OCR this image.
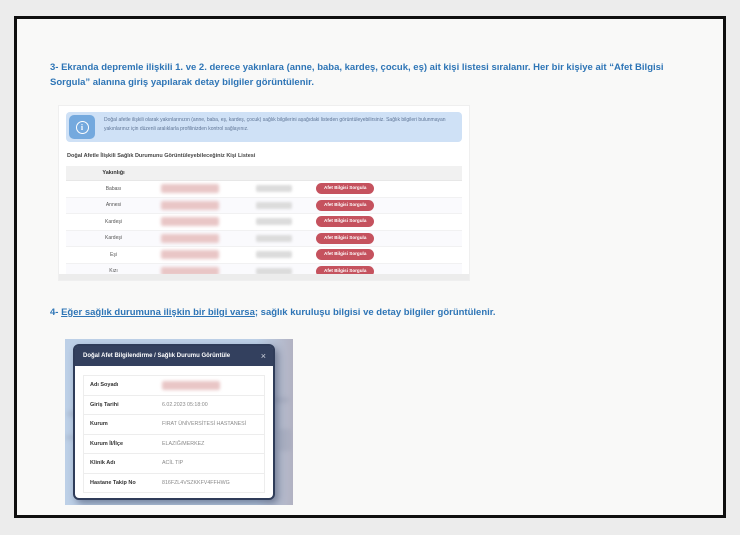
3- Ekranda depremle ilişkili 1. ve 2. derece yakınlara (anne, baba, kardeş, çocuk, eş) ait kişi listesi sıralanır. Her bir kişiye ait “Afet Bilgisi Sorgula” alanına giriş yapılarak detay bilgiler görüntülenir.
i
Doğal afetle ilişkili olarak yakınlarınızın (anne, baba, eş, kardeş, çocuk) sağlık bilgilerini aşağıdaki listeden görüntüleyebilirsiniz. Sağlık bilgileri bulunmayan yakınlarınız için düzenli aralıklarla profilinizden kontrol sağlayınız.
Doğal Afetle İlişkili Sağlık Durumunu Görüntüleyebileceğiniz Kişi Listesi
Yakınlığı
Babası	Afet Bilgisi Sorgula
Annesi	Afet Bilgisi Sorgula
Kardeşi	Afet Bilgisi Sorgula
Kardeşi	Afet Bilgisi Sorgula
Eşi	Afet Bilgisi Sorgula
Kızı	Afet Bilgisi Sorgula
4- Eğer sağlık durumuna ilişkin bir bilgi varsa; sağlık kuruluşu bilgisi ve detay bilgiler görüntülenir.
Doğal Afet Bilgilendirme / Sağlık Durumu Görüntüle	×
Adı Soyadı
Giriş Tarihi	6.02.2023 05:18:00
Kurum	FIRAT ÜNİVERSİTESİ HASTANESİ
Kurum İl/İlçe	ELAZIĞ/MERKEZ
Klinik Adı	ACİL TIP
Hastane Takip No	816FZL4VSZKKFV4FFHWG
